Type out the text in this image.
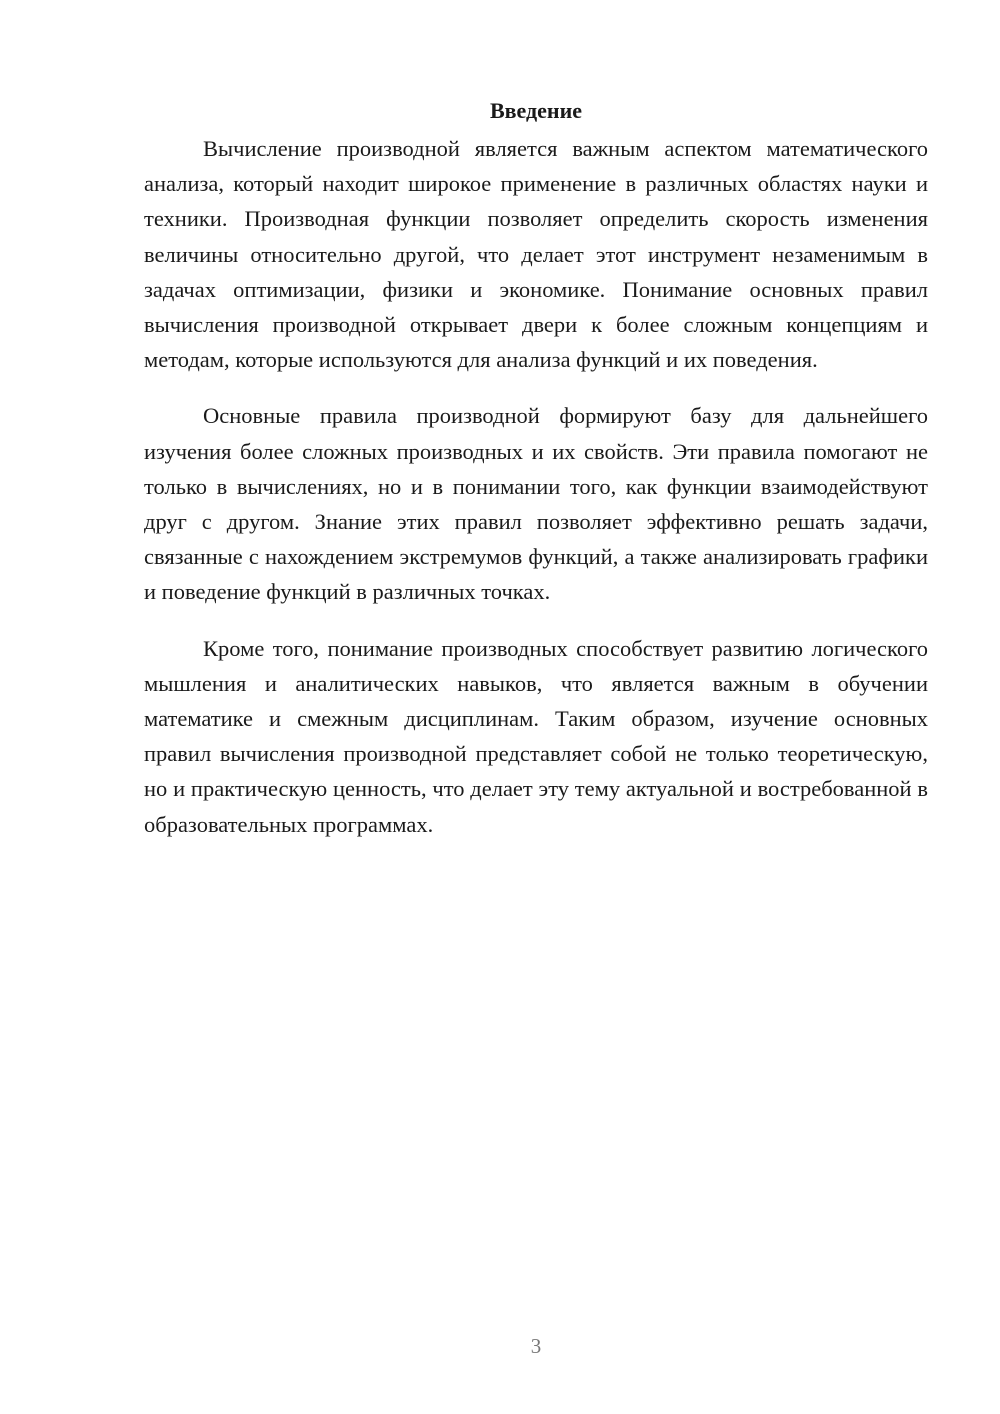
Введение

Вычисление производной является важным аспектом математического анализа, который находит широкое применение в различных областях науки и техники. Производная функции позволяет определить скорость изменения величины относительно другой, что делает этот инструмент незаменимым в задачах оптимизации, физики и экономике. Понимание основных правил вычисления производной открывает двери к более сложным концепциям и методам, которые используются для анализа функций и их поведения.

Основные правила производной формируют базу для дальнейшего изучения более сложных производных и их свойств. Эти правила помогают не только в вычислениях, но и в понимании того, как функции взаимодействуют друг с другом. Знание этих правил позволяет эффективно решать задачи, связанные с нахождением экстремумов функций, а также анализировать графики и поведение функций в различных точках.

Кроме того, понимание производных способствует развитию логического мышления и аналитических навыков, что является важным в обучении математике и смежным дисциплинам. Таким образом, изучение основных правил вычисления производной представляет собой не только теоретическую, но и практическую ценность, что делает эту тему актуальной и востребованной в образовательных программах.

3
